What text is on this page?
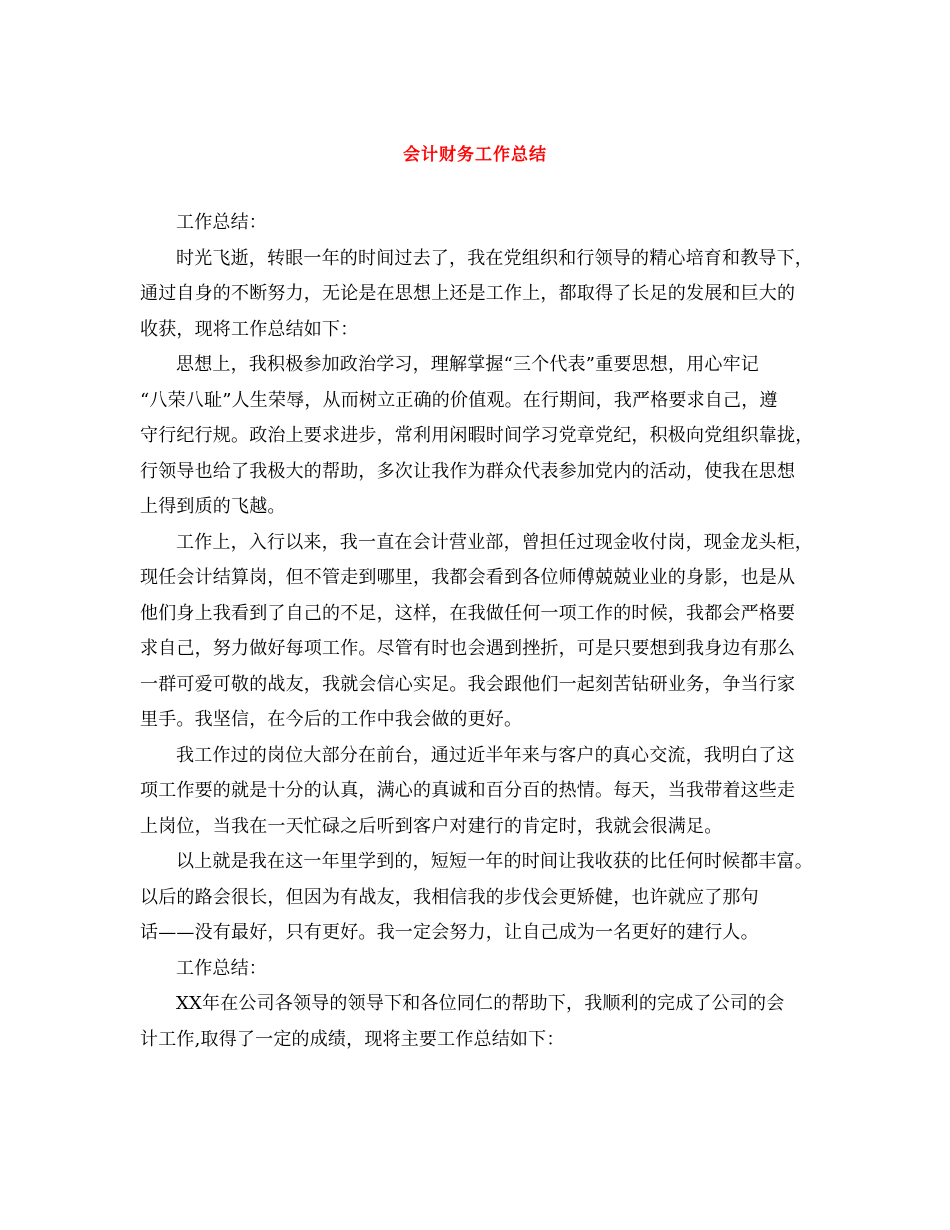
会计财务工作总结
工作总结：
时光飞逝，转眼一年的时间过去了，我在党组织和行领导的精心培育和教导下，
通过自身的不断努力，无论是在思想上还是工作上，都取得了长足的发展和巨大的
收获，现将工作总结如下：
思想上，我积极参加政治学习，理解掌握“三个代表”重要思想，用心牢记
“八荣八耻”人生荣辱，从而树立正确的价值观。在行期间，我严格要求自己，遵
守行纪行规。政治上要求进步，常利用闲暇时间学习党章党纪，积极向党组织靠拢，
行领导也给了我极大的帮助，多次让我作为群众代表参加党内的活动，使我在思想
上得到质的飞越。
工作上，入行以来，我一直在会计营业部，曾担任过现金收付岗，现金龙头柜，
现任会计结算岗，但不管走到哪里，我都会看到各位师傅兢兢业业的身影，也是从
他们身上我看到了自己的不足，这样，在我做任何一项工作的时候，我都会严格要
求自己，努力做好每项工作。尽管有时也会遇到挫折，可是只要想到我身边有那么
一群可爱可敬的战友，我就会信心实足。我会跟他们一起刻苦钻研业务，争当行家
里手。我坚信，在今后的工作中我会做的更好。
我工作过的岗位大部分在前台，通过近半年来与客户的真心交流，我明白了这
项工作要的就是十分的认真，满心的真诚和百分百的热情。每天，当我带着这些走
上岗位，当我在一天忙碌之后听到客户对建行的肯定时，我就会很满足。
以上就是我在这一年里学到的，短短一年的时间让我收获的比任何时候都丰富。
以后的路会很长，但因为有战友，我相信我的步伐会更矫健，也许就应了那句
话——没有最好，只有更好。我一定会努力，让自己成为一名更好的建行人。
工作总结：
XX年在公司各领导的领导下和各位同仁的帮助下，我顺利的完成了公司的会
计工作,取得了一定的成绩，现将主要工作总结如下：
